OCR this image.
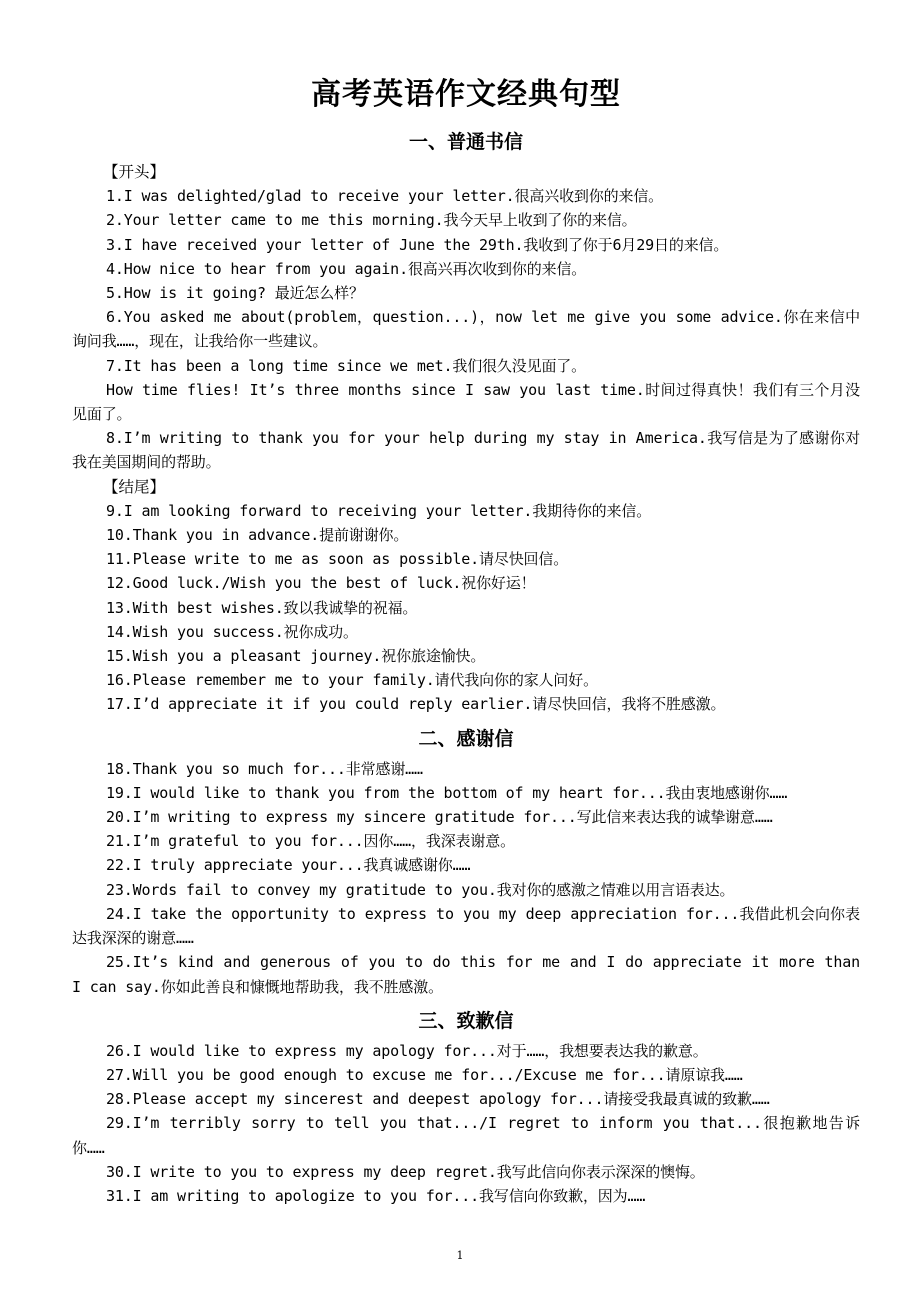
高考英语作文经典句型
一、普通书信

【开头】

1.I was delighted/glad to receive your letter.很高兴收到你的来信。

2.Your letter came to me this morning.我今天早上收到了你的来信。

3.I have received your letter of June the 29th.我收到了你于6月29日的来信。

4.How nice to hear from you again.很高兴再次收到你的来信。

5.How is it going? 最近怎么样？

6.You asked me about(problem，question...)，now let me give you some advice.你在来信中询问我……，现在，让我给你一些建议。

7.It has been a long time since we met.我们很久没见面了。

How time flies! It’s three months since I saw you last time.时间过得真快！我们有三个月没见面了。

8.I’m writing to thank you for your help during my stay in America.我写信是为了感谢你对我在美国期间的帮助。

【结尾】

9.I am looking forward to receiving your letter.我期待你的来信。

10.Thank you in advance.提前谢谢你。

11.Please write to me as soon as possible.请尽快回信。

12.Good luck./Wish you the best of luck.祝你好运！

13.With best wishes.致以我诚挚的祝福。

14.Wish you success.祝你成功。

15.Wish you a pleasant journey.祝你旅途愉快。

16.Please remember me to your family.请代我向你的家人问好。

17.I’d appreciate it if you could reply earlier.请尽快回信，我将不胜感激。

二、感谢信

18.Thank you so much for...非常感谢……

19.I would like to thank you from the bottom of my heart for...我由衷地感谢你……

20.I’m writing to express my sincere gratitude for...写此信来表达我的诚挚谢意……

21.I’m grateful to you for...因你……，我深表谢意。

22.I truly appreciate your...我真诚感谢你……

23.Words fail to convey my gratitude to you.我对你的感激之情难以用言语表达。

24.I take the opportunity to express to you my deep appreciation for...我借此机会向你表达我深深的谢意……

25.It’s kind and generous of you to do this for me and I do appreciate it more than I can say.你如此善良和慷慨地帮助我，我不胜感激。

三、致歉信

26.I would like to express my apology for...对于……，我想要表达我的歉意。

27.Will you be good enough to excuse me for.../Excuse me for...请原谅我……

28.Please accept my sincerest and deepest apology for...请接受我最真诚的致歉……

29.I’m terribly sorry to tell you that.../I regret to inform you that...很抱歉地告诉你……

30.I write to you to express my deep regret.我写此信向你表示深深的懊悔。

31.I am writing to apologize to you for...我写信向你致歉，因为……

1
